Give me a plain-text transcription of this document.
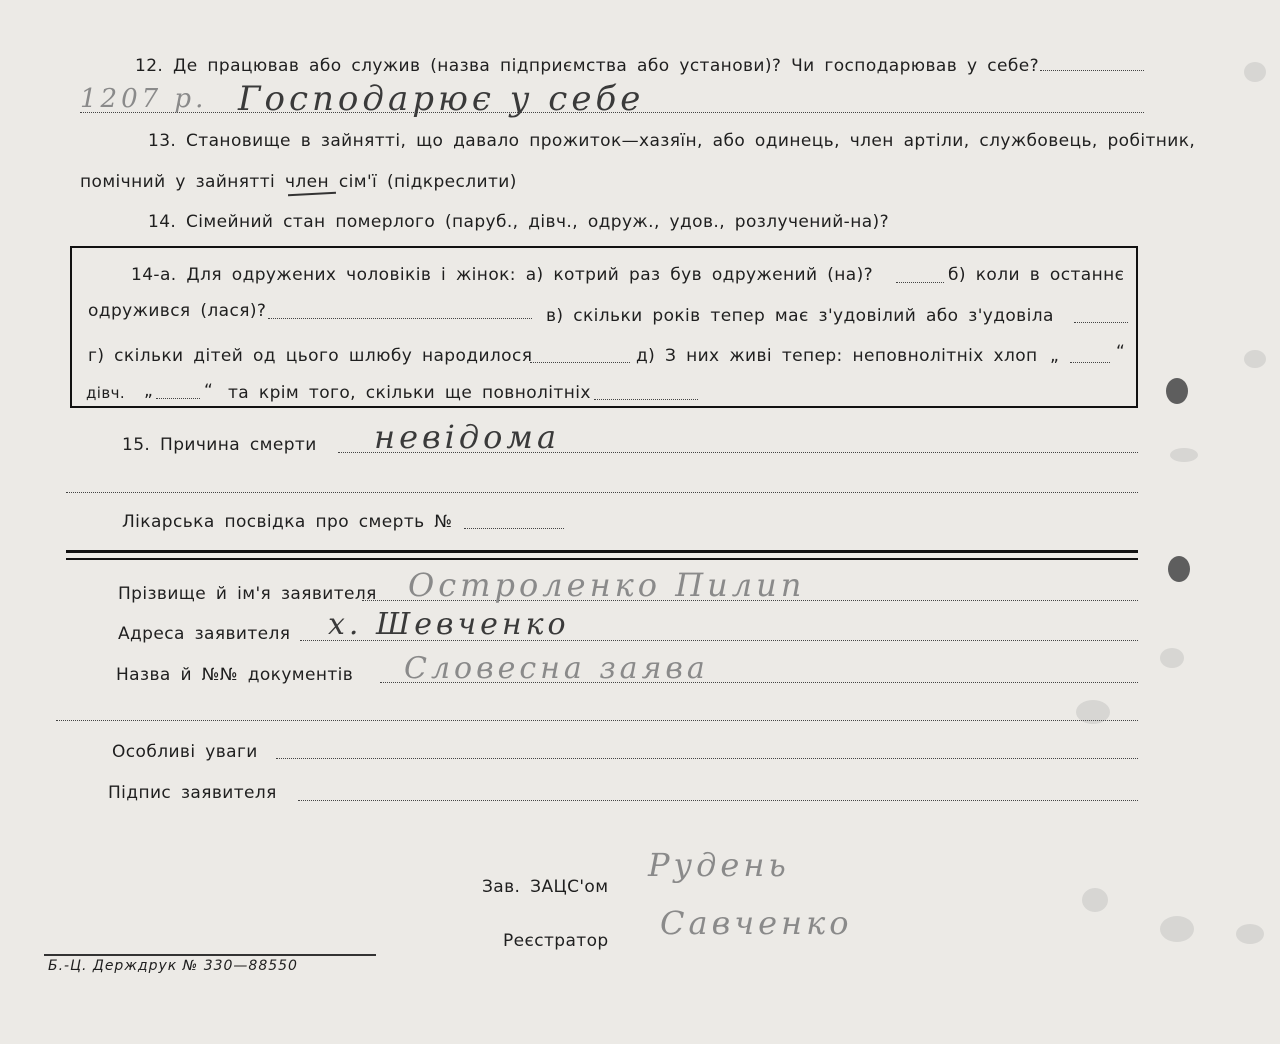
12. Де працював або служив (назва підприємства або установи)? Чи господарював у себе?
1207 р. Господарює у себе
13. Становище в зайнятті, що давало прожиток—хазяїн, або одинець, член артіли, службовець, робітник,
помічний у зайнятті член сім'ї (підкреслити)
14. Сімейний стан померлого (паруб., дівч., одруж., удов., розлучений-на)?
14-а. Для одружених чоловіків і жінок: а) котрий раз був одружений (на)?	б) коли в останнє
одружився (лася)?	в) скільки років тепер має з'удовілий або з'удовіла
г) скільки дітей од цього шлюбу народилося	д) З них живі тепер: неповнолітніх хлоп „	“
дівч. „	“ та крім того, скільки ще повнолітніх
15. Причина смерти невідома
Лікарська посвідка про смерть №
Прізвище й ім'я заявителя Остроленко Пилип
Адреса заявителя х. Шевченко
Назва й №№ документів Словесна заява
Особливі уваги
Підпис заявителя
Зав. ЗАЦС'ом
Рудень
Реєстратор Савченко
Б.-Ц. Держдрук № 330—88550
